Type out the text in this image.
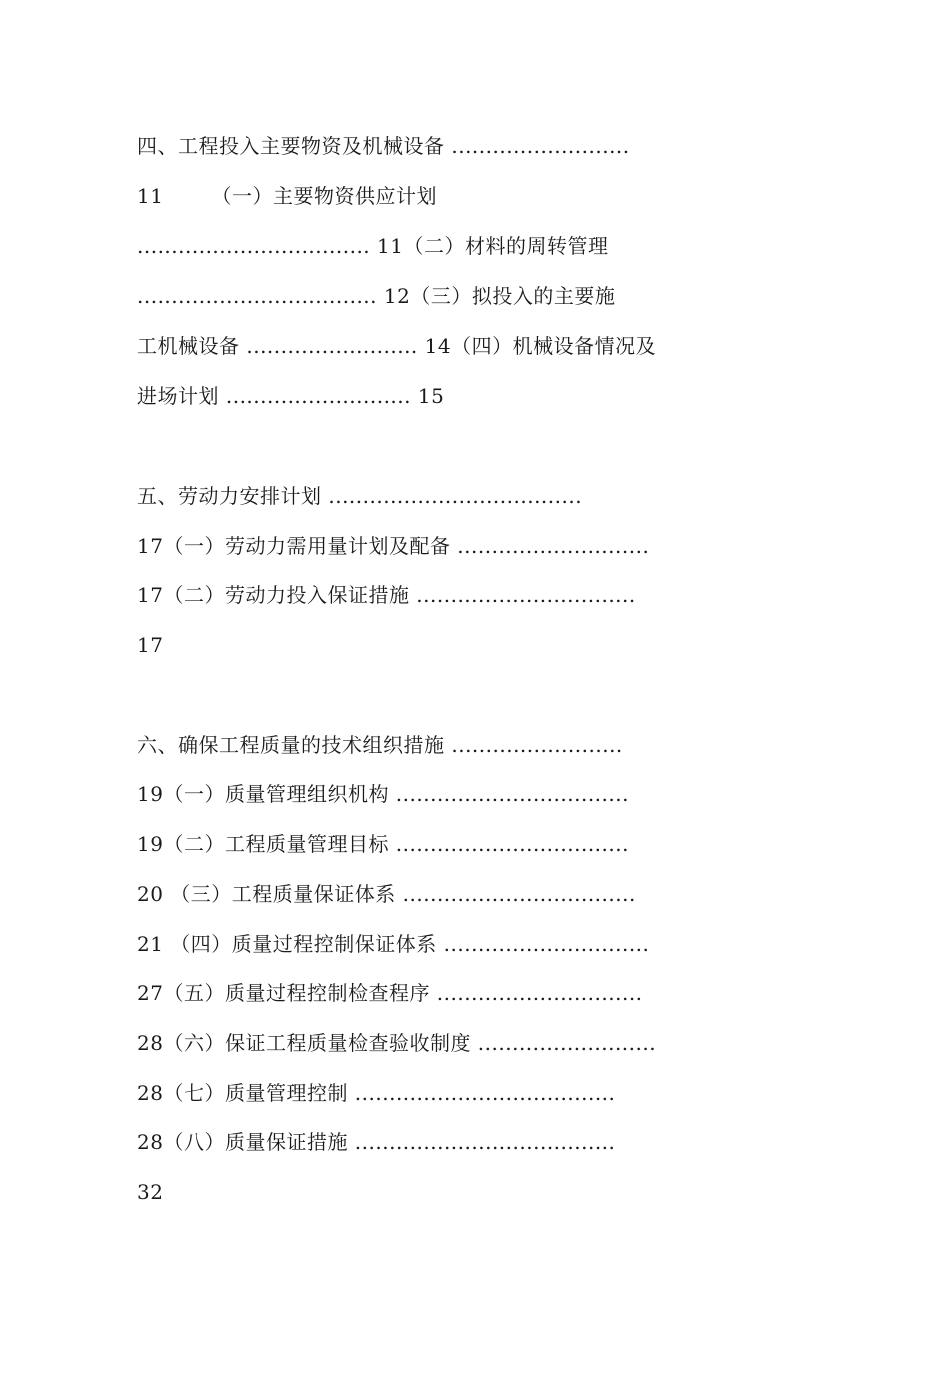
四、工程投入主要物资及机械设备 ..........................
11       （一）主要物资供应计划
.................................. 11（二）材料的周转管理
................................... 12（三）拟投入的主要施
工机械设备 ......................... 14（四）机械设备情况及
进场计划 ........................... 15
五、劳动力安排计划 .....................................
17（一）劳动力需用量计划及配备 ............................
17（二）劳动力投入保证措施 ................................
17
六、确保工程质量的技术组织措施 .........................
19（一）质量管理组织机构 ..................................
19（二）工程质量管理目标 ..................................
20 （三）工程质量保证体系 ..................................
21 （四）质量过程控制保证体系 ..............................
27（五）质量过程控制检查程序 ..............................
28（六）保证工程质量检查验收制度 ..........................
28（七）质量管理控制 ......................................
28（八）质量保证措施 ......................................
32
